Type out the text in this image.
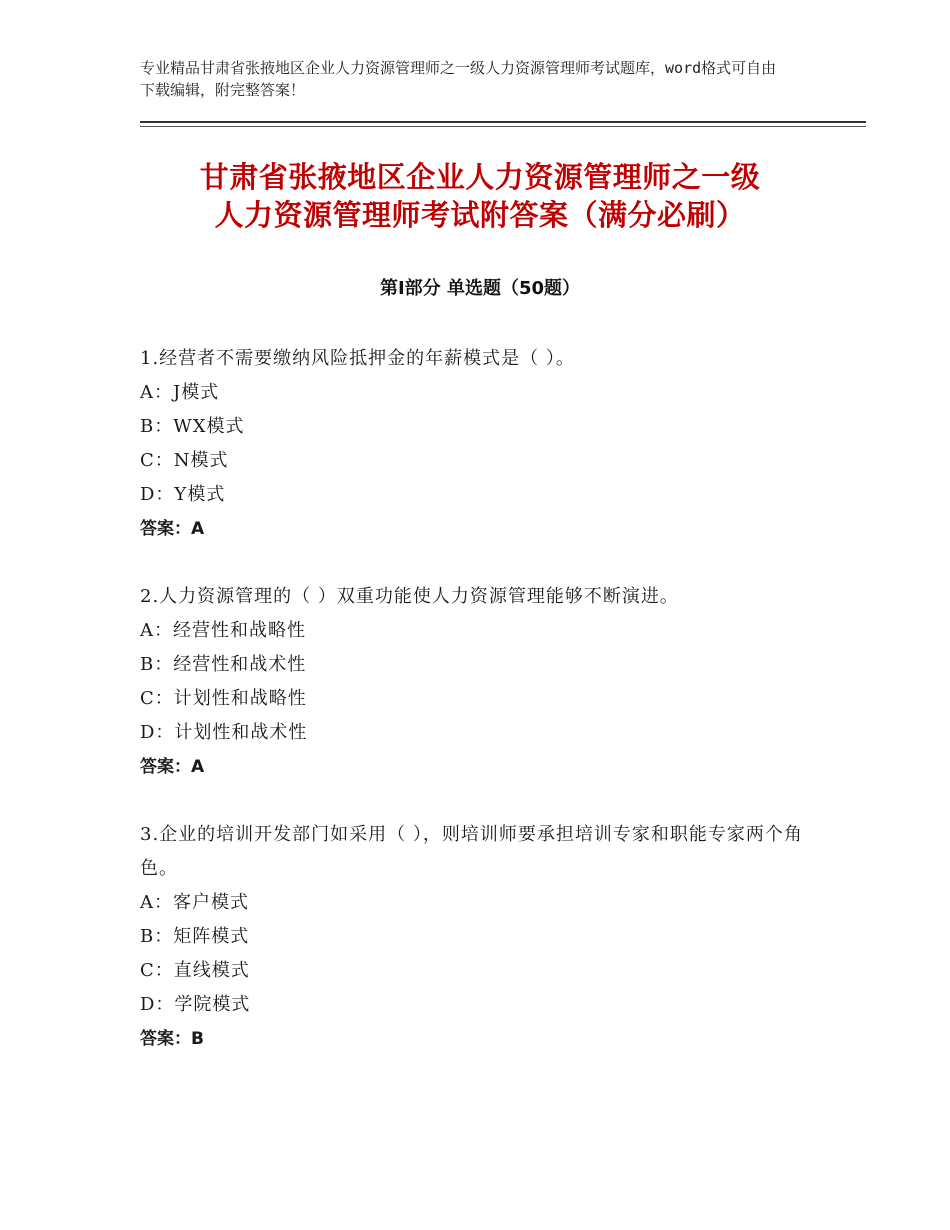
专业精品甘肃省张掖地区企业人力资源管理师之一级人力资源管理师考试题库，word格式可自由下载编辑，附完整答案！
甘肃省张掖地区企业人力资源管理师之一级
人力资源管理师考试附答案（满分必刷）
第Ⅰ部分 单选题（50题）

1.经营者不需要缴纳风险抵押金的年薪模式是（ ）。

A：J模式

B：WX模式

C：N模式

D：Y模式

答案：A

2.人力资源管理的（ ）双重功能使人力资源管理能够不断演进。

A：经营性和战略性

B：经营性和战术性

C：计划性和战略性

D：计划性和战术性

答案：A

3.企业的培训开发部门如采用（ ），则培训师要承担培训专家和职能专家两个角色。

A：客户模式

B：矩阵模式

C：直线模式

D：学院模式

答案：B
